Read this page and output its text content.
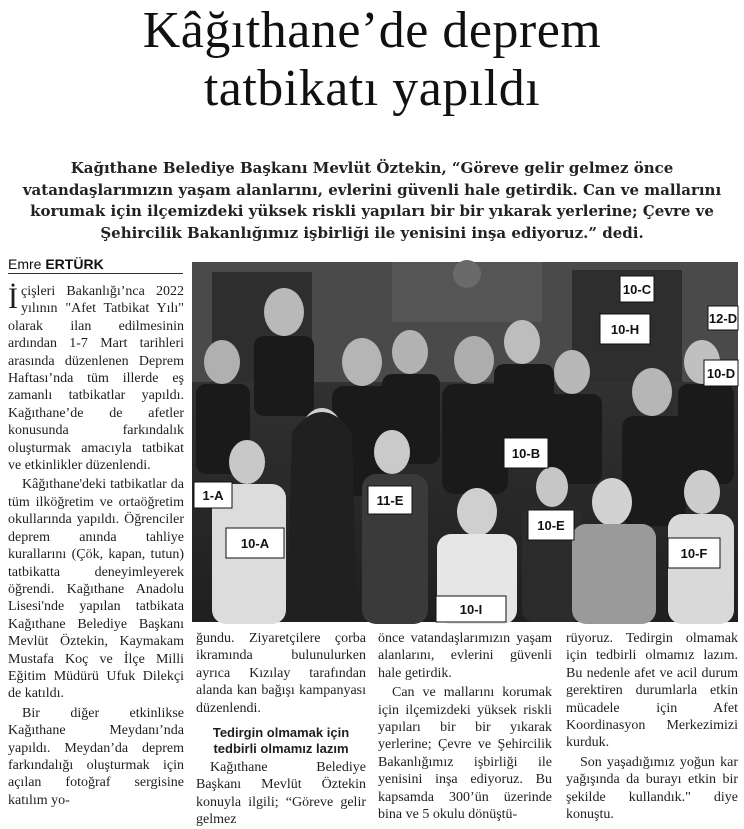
Kâğıthane’de deprem
tatbikatı yapıldı

Kağıthane Belediye Başkanı Mevlüt Öztekin, “Göreve gelir gelmez önce vatandaşlarımızın yaşam alanlarını, evlerini güvenli hale getirdik. Can ve mallarını korumak için ilçemizdeki yüksek riskli yapıları bir bir yıkarak yerlerine; Çevre ve Şehircilik Bakanlığımız işbirliği ile yenisini inşa ediyoruz.” dedi.

Emre ERTÜRK

İçişleri Bakanlığı’nca 2022 yılının "Afet Tatbikat Yılı" olarak ilan edilmesinin ardından 1-7 Mart tarihleri arasında düzenlenen Deprem Haftası’nda tüm illerde eş zamanlı tatbikatlar yapıldı. Kağıthane’de de afetler konusunda farkındalık oluşturmak amacıyla tatbikat ve etkinlikler düzenlendi.

Kâğıthane'deki tatbikatlar da tüm ilköğretim ve ortaöğretim okullarında yapıldı. Öğrenciler deprem anında tahliye kurallarını (Çök, kapan, tutun) tatbikatta deneyimleyerek öğrendi. Kağıthane Anadolu Lisesi'nde yapılan tatbikata Kağıthane Belediye Başkanı Mevlüt Öztekin, Kaymakam Mustafa Koç ve İlçe Milli Eğitim Müdürü Ufuk Dilekçi de katıldı.

Bir diğer etkinlikse Kağıthane Meydanı’nda yapıldı. Meydan’da deprem farkındalığı oluşturmak için açılan fotoğraf sergisine katılım yo-

10-C
12-D
10-H
10-D
10-B
1-A	11-E
10-E
10-A
10-F
10-I

ğundu. Ziyaretçilere çorba ikramında bulunulurken ayrıca Kızılay tarafından alanda kan bağışı kampanyası düzenlendi.

Tedirgin olmamak için tedbirli olmamız lazım

Kağıthane Belediye Başkanı Mevlüt Öztekin konuyla ilgili; “Göreve gelir gelmez

önce vatandaşlarımızın yaşam alanlarını, evlerini güvenli hale getirdik.

Can ve mallarını korumak için ilçemizdeki yüksek riskli yapıları bir bir yıkarak yerlerine; Çevre ve Şehircilik Bakanlığımız işbirliği ile yenisini inşa ediyoruz. Bu kapsamda 300’ün üzerinde bina ve 5 okulu dönüştü-

rüyoruz. Tedirgin olmamak için tedbirli olmamız lazım. Bu nedenle afet ve acil durum gerektiren durumlarla etkin mücadele için Afet Koordinasyon Merkezimizi kurduk.

Son yaşadığımız yoğun kar yağışında da burayı etkin bir şekilde kullandık." diye konuştu.
